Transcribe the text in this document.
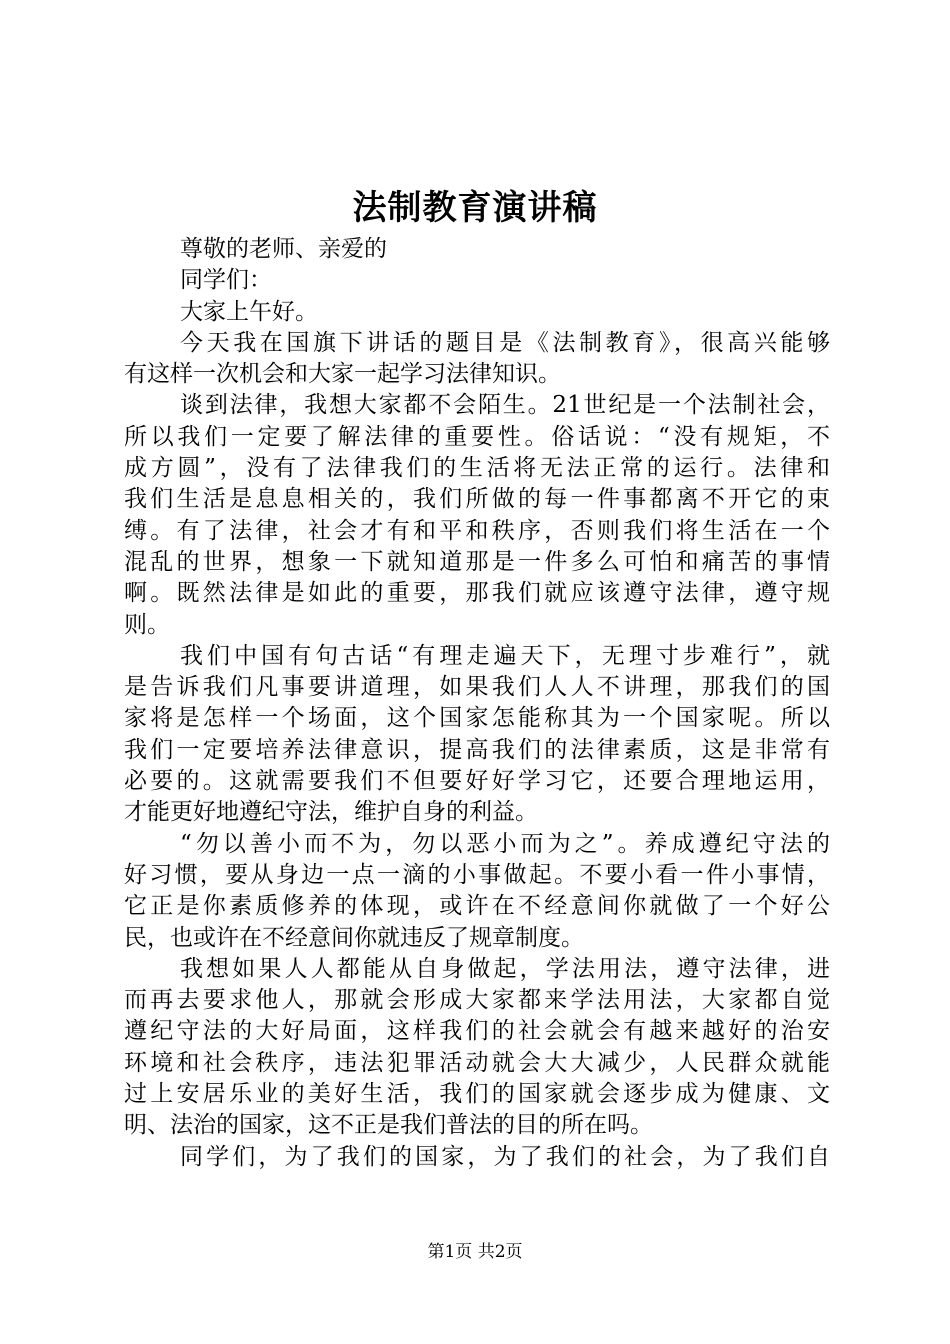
法制教育演讲稿
尊敬的老师、亲爱的
同学们：
大家上午好。
今天我在国旗下讲话的题目是《法制教育》，很高兴能够
有这样一次机会和大家一起学习法律知识。
谈到法律，我想大家都不会陌生。21世纪是一个法制社会，
所以我们一定要了解法律的重要性。俗话说：“没有规矩，不
成方圆”，没有了法律我们的生活将无法正常的运行。法律和
我们生活是息息相关的，我们所做的每一件事都离不开它的束
缚。有了法律，社会才有和平和秩序，否则我们将生活在一个
混乱的世界，想象一下就知道那是一件多么可怕和痛苦的事情
啊。既然法律是如此的重要，那我们就应该遵守法律，遵守规
则。
我们中国有句古话“有理走遍天下，无理寸步难行”，就
是告诉我们凡事要讲道理，如果我们人人不讲理，那我们的国
家将是怎样一个场面，这个国家怎能称其为一个国家呢。所以
我们一定要培养法律意识，提高我们的法律素质，这是非常有
必要的。这就需要我们不但要好好学习它，还要合理地运用，
才能更好地遵纪守法，维护自身的利益。
“勿以善小而不为，勿以恶小而为之”。养成遵纪守法的
好习惯，要从身边一点一滴的小事做起。不要小看一件小事情，
它正是你素质修养的体现，或许在不经意间你就做了一个好公
民，也或许在不经意间你就违反了规章制度。
我想如果人人都能从自身做起，学法用法，遵守法律，进
而再去要求他人，那就会形成大家都来学法用法，大家都自觉
遵纪守法的大好局面，这样我们的社会就会有越来越好的治安
环境和社会秩序，违法犯罪活动就会大大减少，人民群众就能
过上安居乐业的美好生活，我们的国家就会逐步成为健康、文
明、法治的国家，这不正是我们普法的目的所在吗。
同学们，为了我们的国家，为了我们的社会，为了我们自
第1页 共2页
